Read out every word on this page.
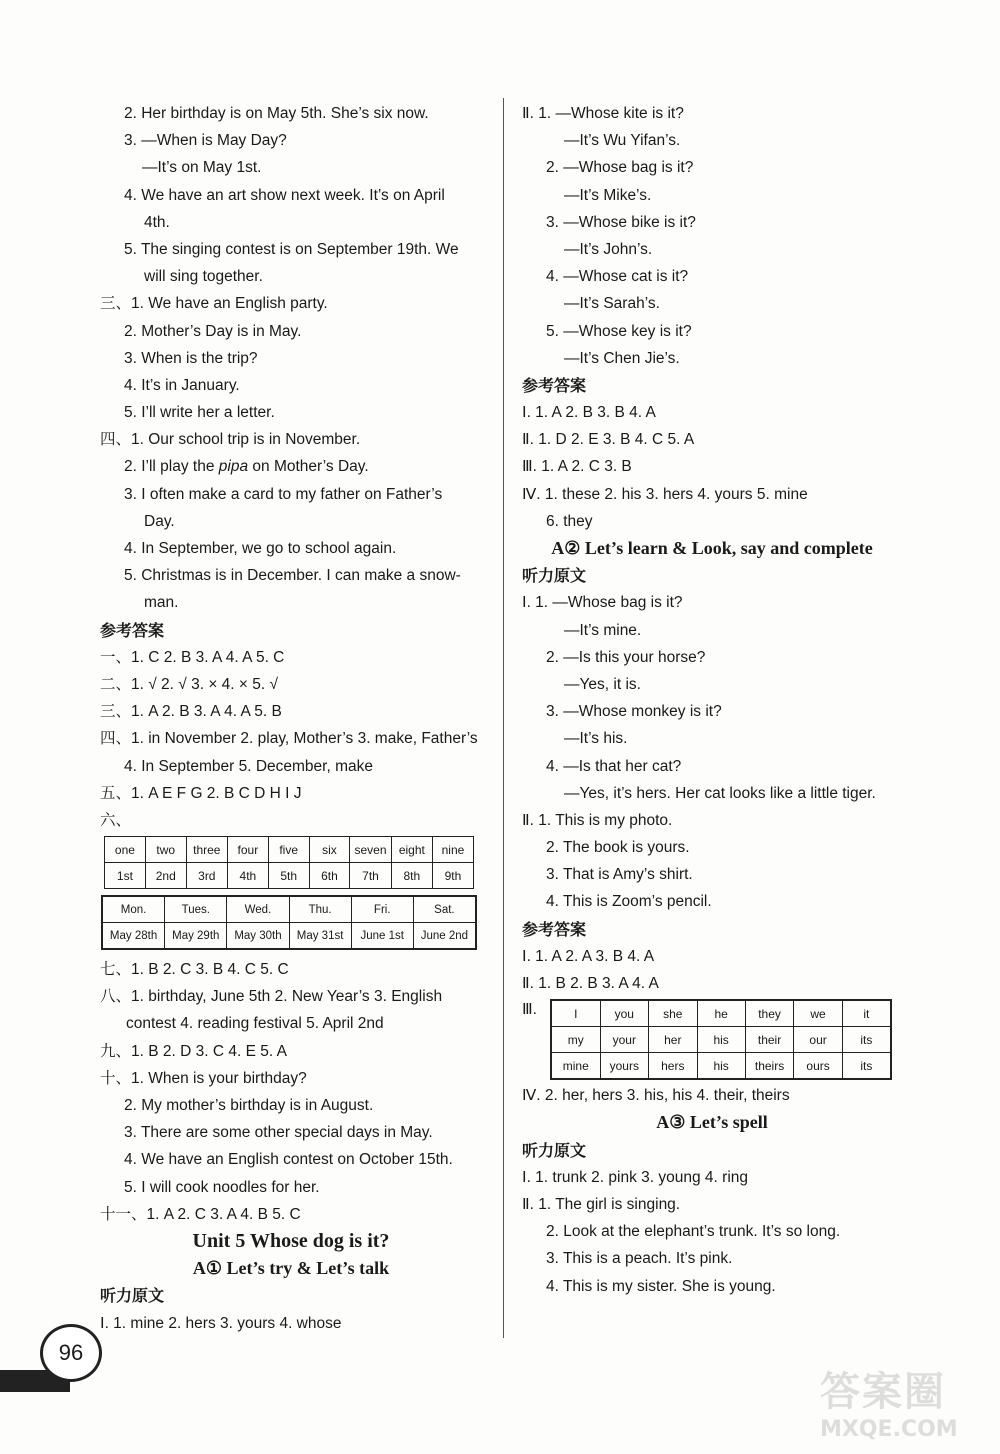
2. Her birthday is on May 5th. She’s six now.
3. —When is May Day?
—It’s on May 1st.
4. We have an art show next week. It’s on April
4th.
5. The singing contest is on September 19th. We
will sing together.
三、1. We have an English party.
2. Mother’s Day is in May.
3. When is the trip?
4. It’s in January.
5. I’ll write her a letter.
四、1. Our school trip is in November.
2. I’ll play the pipa on Mother’s Day.
3. I often make a card to my father on Father’s
Day.
4. In September, we go to school again.
5. Christmas is in December. I can make a snow-
man.
参考答案
一、1. C 2. B 3. A 4. A 5. C
二、1. √ 2. √ 3. × 4. × 5. √
三、1. A 2. B 3. A 4. A 5. B
四、1. in November 2. play, Mother’s 3. make, Father’s
4. In September 5. December, make
五、1. A E F G 2. B C D H I J
六、
one	two	three	four	five	six	seven	eight	nine
1st	2nd	3rd	4th	5th	6th	7th	8th	9th
Mon.	Tues.	Wed.	Thu.	Fri.	Sat.
May 28th	May 29th	May 30th	May 31st	June 1st	June 2nd
七、1. B 2. C 3. B 4. C 5. C
八、1. birthday, June 5th 2. New Year’s 3. English
contest 4. reading festival 5. April 2nd
九、1. B 2. D 3. C 4. E 5. A
十、1. When is your birthday?
2. My mother’s birthday is in August.
3. There are some other special days in May.
4. We have an English contest on October 15th.
5. I will cook noodles for her.
十一、1. A 2. C 3. A 4. B 5. C
Unit 5 Whose dog is it?
A① Let’s try & Let’s talk
听力原文
Ⅰ. 1. mine 2. hers 3. yours 4. whose
Ⅱ. 1. —Whose kite is it?
—It’s Wu Yifan’s.
2. —Whose bag is it?
—It’s Mike’s.
3. —Whose bike is it?
—It’s John’s.
4. —Whose cat is it?
—It’s Sarah’s.
5. —Whose key is it?
—It’s Chen Jie’s.
参考答案
Ⅰ. 1. A 2. B 3. B 4. A
Ⅱ. 1. D 2. E 3. B 4. C 5. A
Ⅲ. 1. A 2. C 3. B
Ⅳ. 1. these 2. his 3. hers 4. yours 5. mine
6. they
A② Let’s learn & Look, say and complete
听力原文
Ⅰ. 1. —Whose bag is it?
—It’s mine.
2. —Is this your horse?
—Yes, it is.
3. —Whose monkey is it?
—It’s his.
4. —Is that her cat?
—Yes, it’s hers. Her cat looks like a little tiger.
Ⅱ. 1. This is my photo.
2. The book is yours.
3. That is Amy’s shirt.
4. This is Zoom’s pencil.
参考答案
Ⅰ. 1. A 2. A 3. B 4. A
Ⅱ. 1. B 2. B 3. A 4. A
Ⅲ.	I	you	she	he	they	we	it
my	your	her	his	their	our	its
mine	yours	hers	his	theirs	ours	its
Ⅳ. 2. her, hers 3. his, his 4. their, theirs
A③ Let’s spell
听力原文
Ⅰ. 1. trunk 2. pink 3. young 4. ring
Ⅱ. 1. The girl is singing.
2. Look at the elephant’s trunk. It’s so long.
3. This is a peach. It’s pink.
4. This is my sister. She is young.
96
答案圈
MXQE.COM
